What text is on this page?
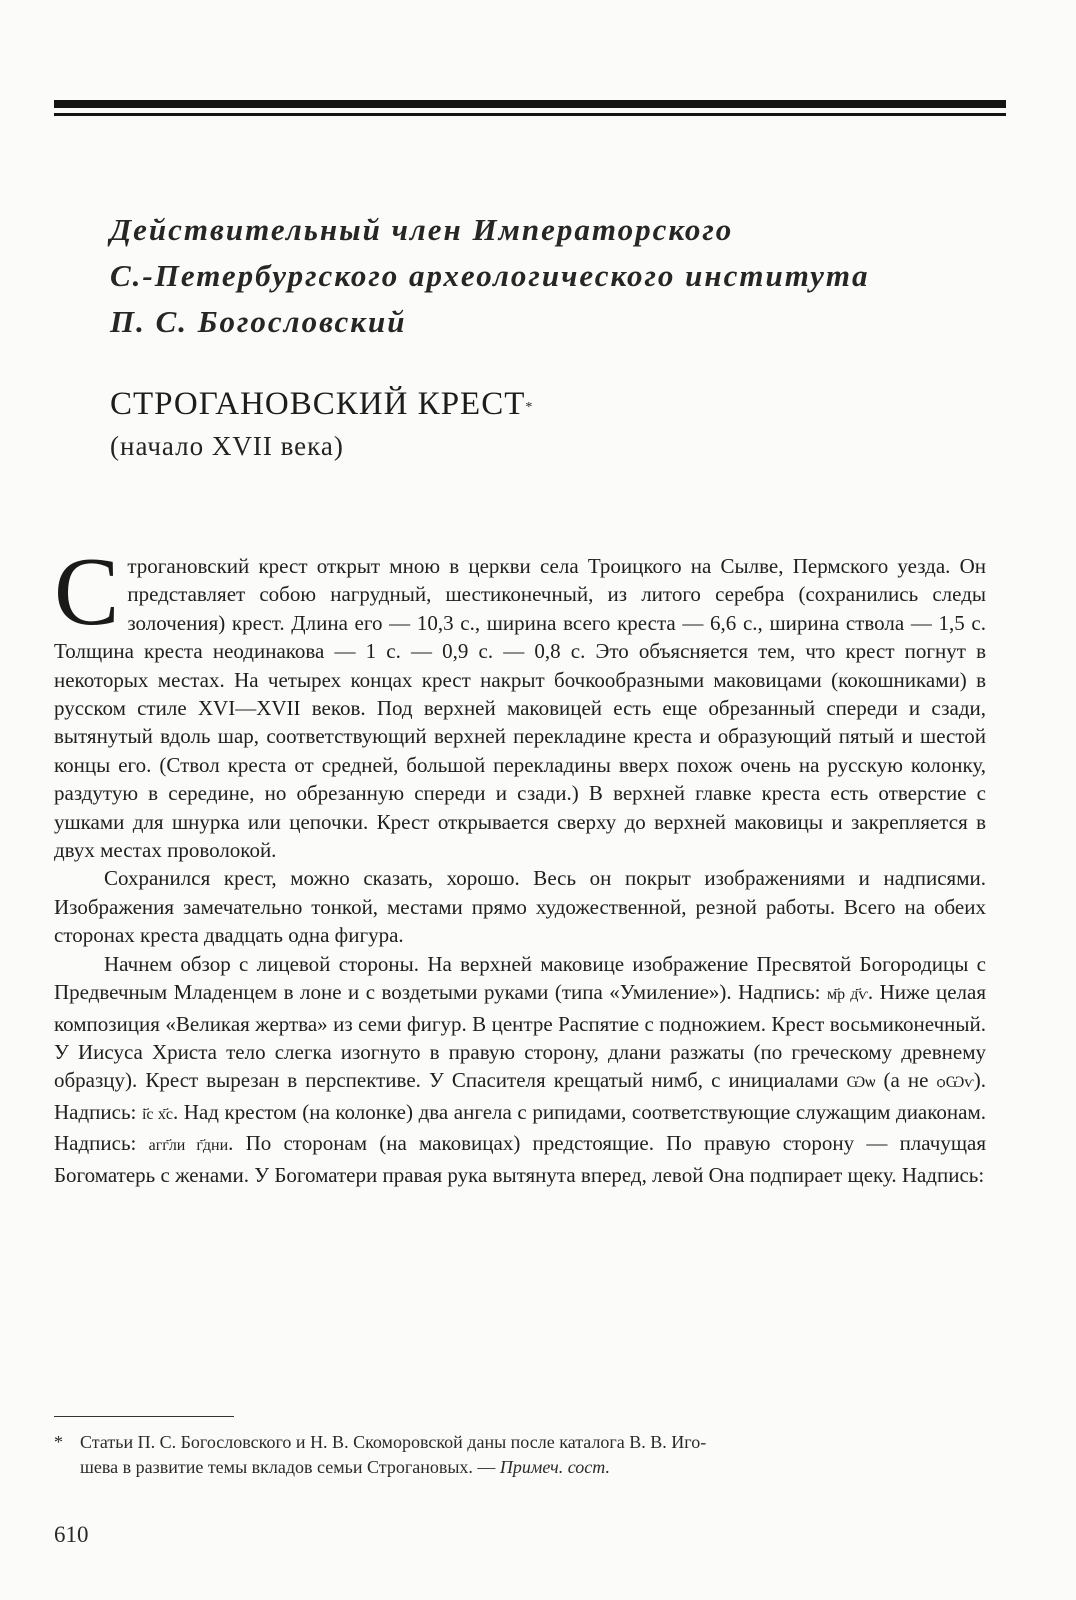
Действительный член Императорского
С.-Петербургского археологического института
П. С. Богословский
СТРОГАНОВСКИЙ КРЕСТ*
(начало XVII века)

Строгановский крест открыт мною в церкви села Троицкого на Сылве, Пермского уезда. Он представляет собою нагрудный, шестиконечный, из литого серебра (сохранились следы золочения) крест. Длина его — 10,3 с., ширина всего креста — 6,6 с., ширина ствола — 1,5 с. Толщина креста неодинакова — 1 с. — 0,9 с. — 0,8 с. Это объясняется тем, что крест погнут в некоторых местах. На четырех концах крест накрыт бочкообразными маковицами (кокошниками) в русском стиле XVI—XVII веков. Под верхней маковицей есть еще обрезанный спереди и сзади, вытянутый вдоль шар, соответствующий верхней перекладине креста и образующий пятый и шестой концы его. (Ствол креста от средней, большой перекладины вверх похож очень на русскую колонку, раздутую в середине, но обрезанную спереди и сзади.) В верхней главке креста есть отверстие с ушками для шнурка или цепочки. Крест открывается сверху до верхней маковицы и закрепляется в двух местах проволокой.

Сохранился крест, можно сказать, хорошо. Весь он покрыт изображениями и надписями. Изображения замечательно тонкой, местами прямо художественной, резной работы. Всего на обеих сторонах креста двадцать одна фигура.

Начнем обзор с лицевой стороны. На верхней маковице изображение Пресвятой Богородицы с Предвечным Младенцем в лоне и с воздетыми руками (типа «Умиление»). Надпись: м҃р д҃ѵ. Ниже целая композиция «Великая жертва» из семи фигур. В центре Распятие с подножием. Крест восьмиконечный. У Иисуса Христа тело слегка изогнуто в правую сторону, длани разжаты (по греческому древнему образцу). Крест вырезан в перспективе. У Спасителя крещатый нимб, с инициалами Ѡѡ (а не ѻѠѵ). Надпись: і҃с х҃с. Над крестом (на колонке) два ангела с рипидами, соответствующие служащим диаконам. Надпись: агг҃ли г҃дни. По сторонам (на маковицах) предстоящие. По правую сторону — плачущая Богоматерь с женами. У Богоматери правая рука вытянута вперед, левой Она подпирает щеку. Надпись:

* Статьи П. С. Богословского и Н. В. Скоморовской даны после каталога В. В. Иго-
шева в развитие темы вкладов семьи Строгановых. — Примеч. сост.
610
